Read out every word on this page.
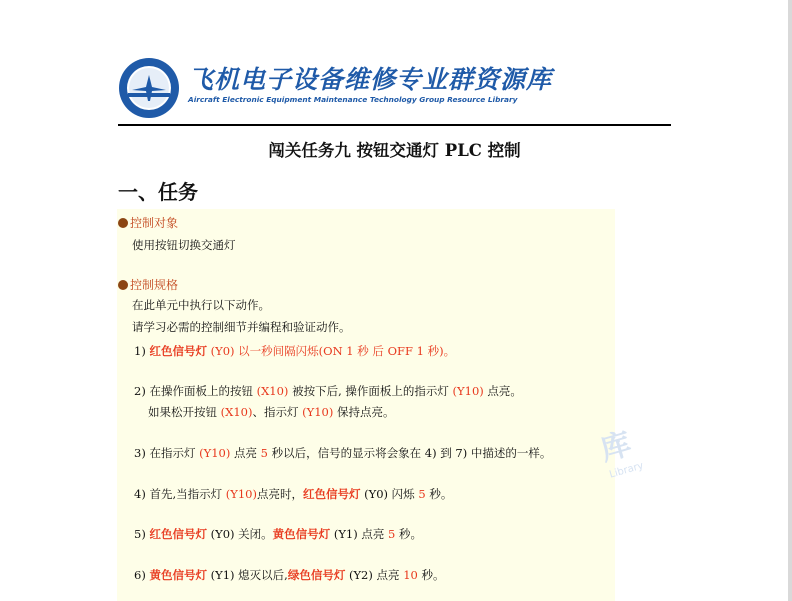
飞机电子设备维修专业群资源库
Aircraft Electronic Equipment Maintenance Technology Group Resource Library
闯关任务九 按钮交通灯 PLC 控制
一、任务
控制对象
使用按钮切换交通灯
控制规格
在此单元中执行以下动作。
请学习必需的控制细节并编程和验证动作。
1) 红色信号灯 (Y0) 以一秒间隔闪烁(ON 1 秒 后 OFF 1 秒)。
2) 在操作面板上的按钮 (X10) 被按下后, 操作面板上的指示灯 (Y10) 点亮。
如果松开按钮 (X10)、指示灯 (Y10) 保持点亮。
3) 在指示灯 (Y10) 点亮 5 秒以后，信号的显示将会象在 4) 到 7) 中描述的一样。
4) 首先,当指示灯 (Y10)点亮时，红色信号灯 (Y0) 闪烁 5 秒。
5) 红色信号灯 (Y0) 关闭。黄色信号灯 (Y1) 点亮 5 秒。
6) 黄色信号灯 (Y1) 熄灭以后,绿色信号灯 (Y2) 点亮 10 秒。
库
Library
